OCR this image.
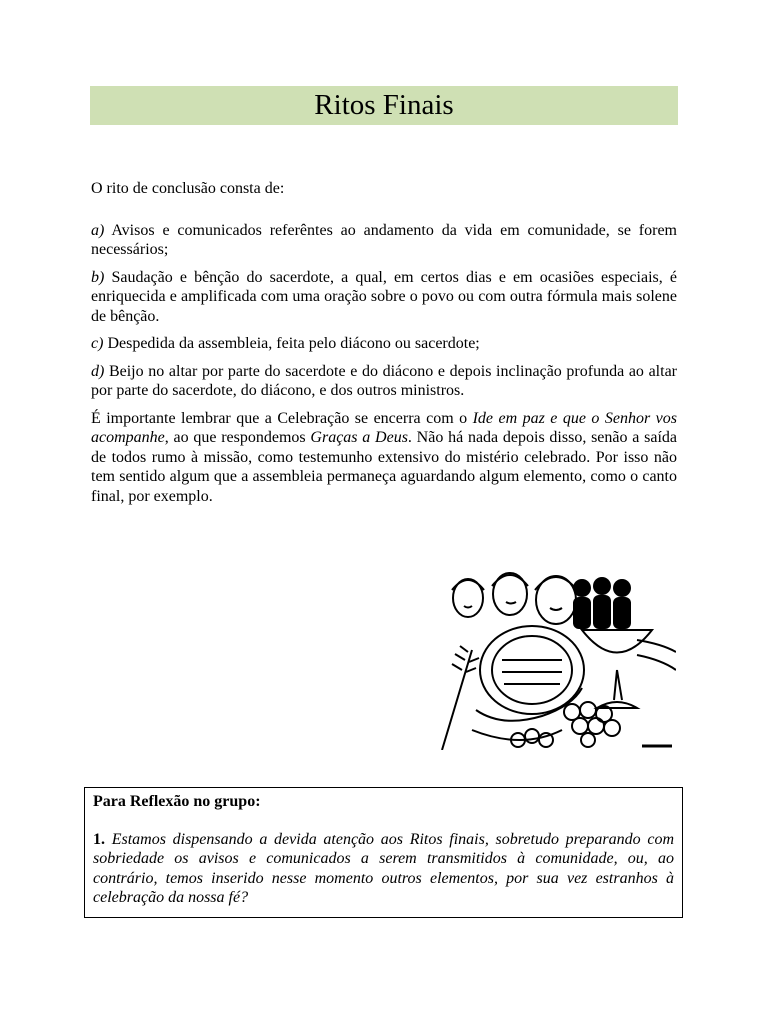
Ritos Finais

O rito de conclusão consta de:

a) Avisos e comunicados referêntes ao andamento da vida em comunidade, se forem necessários;

b) Saudação e bênção do sacerdote, a qual, em certos dias e em ocasiões especiais, é enriquecida e amplificada com uma oração sobre o povo ou com outra fórmula mais solene de bênção.

c) Despedida da assembleia, feita pelo diácono ou sacerdote;

d) Beijo no altar por parte do sacerdote e do diácono e depois inclinação profunda ao altar por parte do sacerdote, do diácono, e dos outros ministros.

É importante lembrar que a Celebração se encerra com o Ide em paz e que o Senhor vos acompanhe, ao que respondemos Graças a Deus. Não há nada depois disso, senão a saída de todos rumo à missão, como testemunho extensivo do mistério celebrado. Por isso não tem sentido algum que a assembleia permaneça aguardando algum elemento, como o canto final, por exemplo.

Para Reflexão no grupo:

1. Estamos dispensando a devida atenção aos Ritos finais, sobretudo preparando com sobriedade os avisos e comunicados a serem transmitidos à comunidade, ou, ao contrário, temos inserido nesse momento outros elementos, por sua vez estranhos à celebração da nossa fé?
